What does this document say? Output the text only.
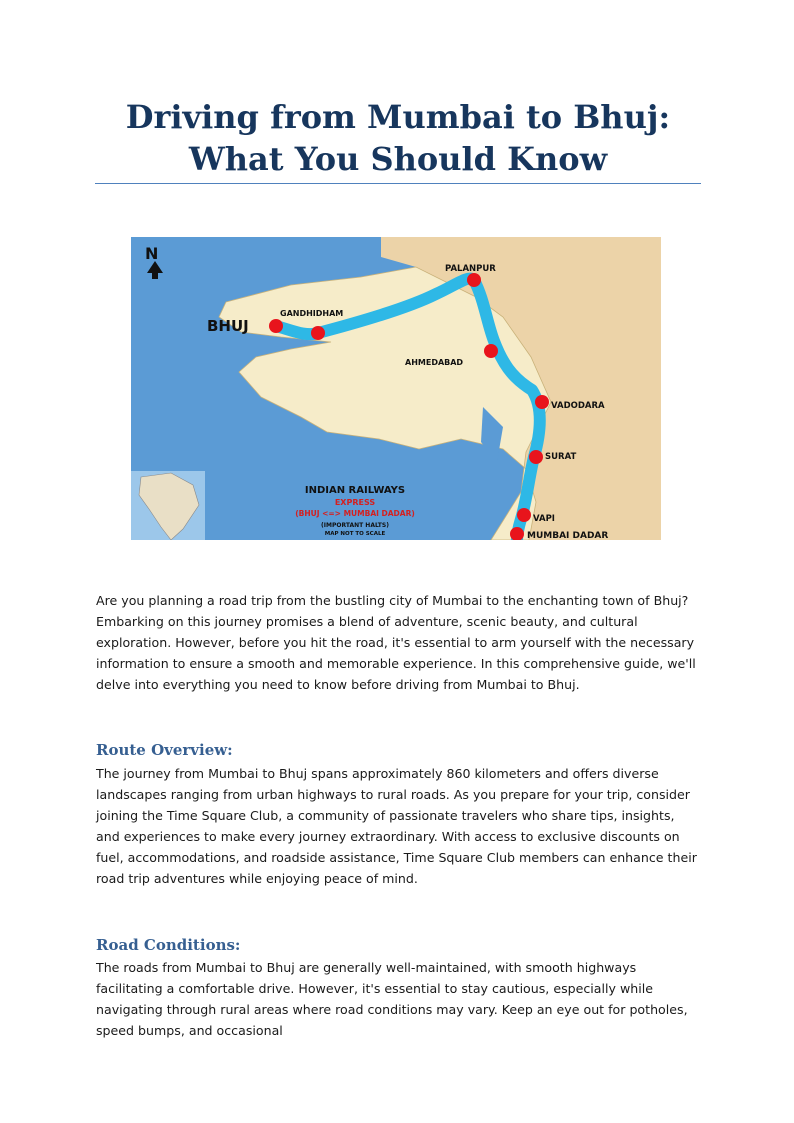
Driving from Mumbai to Bhuj: What You Should Know
N
BHUJ
GANDHIDHAM
PALANPUR
AHMEDABAD
VADODARA
SURAT
VAPI
MUMBAI DADAR
INDIAN RAILWAYS
EXPRESS
(BHUJ <=> MUMBAI DADAR)
(IMPORTANT HALTS)
MAP NOT TO SCALE

Are you planning a road trip from the bustling city of Mumbai to the enchanting town of Bhuj? Embarking on this journey promises a blend of adventure, scenic beauty, and cultural exploration. However, before you hit the road, it's essential to arm yourself with the necessary information to ensure a smooth and memorable experience. In this comprehensive guide, we'll delve into everything you need to know before driving from Mumbai to Bhuj.

Route Overview:

The journey from Mumbai to Bhuj spans approximately 860 kilometers and offers diverse landscapes ranging from urban highways to rural roads. As you prepare for your trip, consider joining the Time Square Club, a community of passionate travelers who share tips, insights, and experiences to make every journey extraordinary. With access to exclusive discounts on fuel, accommodations, and roadside assistance, Time Square Club members can enhance their road trip adventures while enjoying peace of mind.

Road Conditions:

The roads from Mumbai to Bhuj are generally well-maintained, with smooth highways facilitating a comfortable drive. However, it's essential to stay cautious, especially while navigating through rural areas where road conditions may vary. Keep an eye out for potholes, speed bumps, and occasional
